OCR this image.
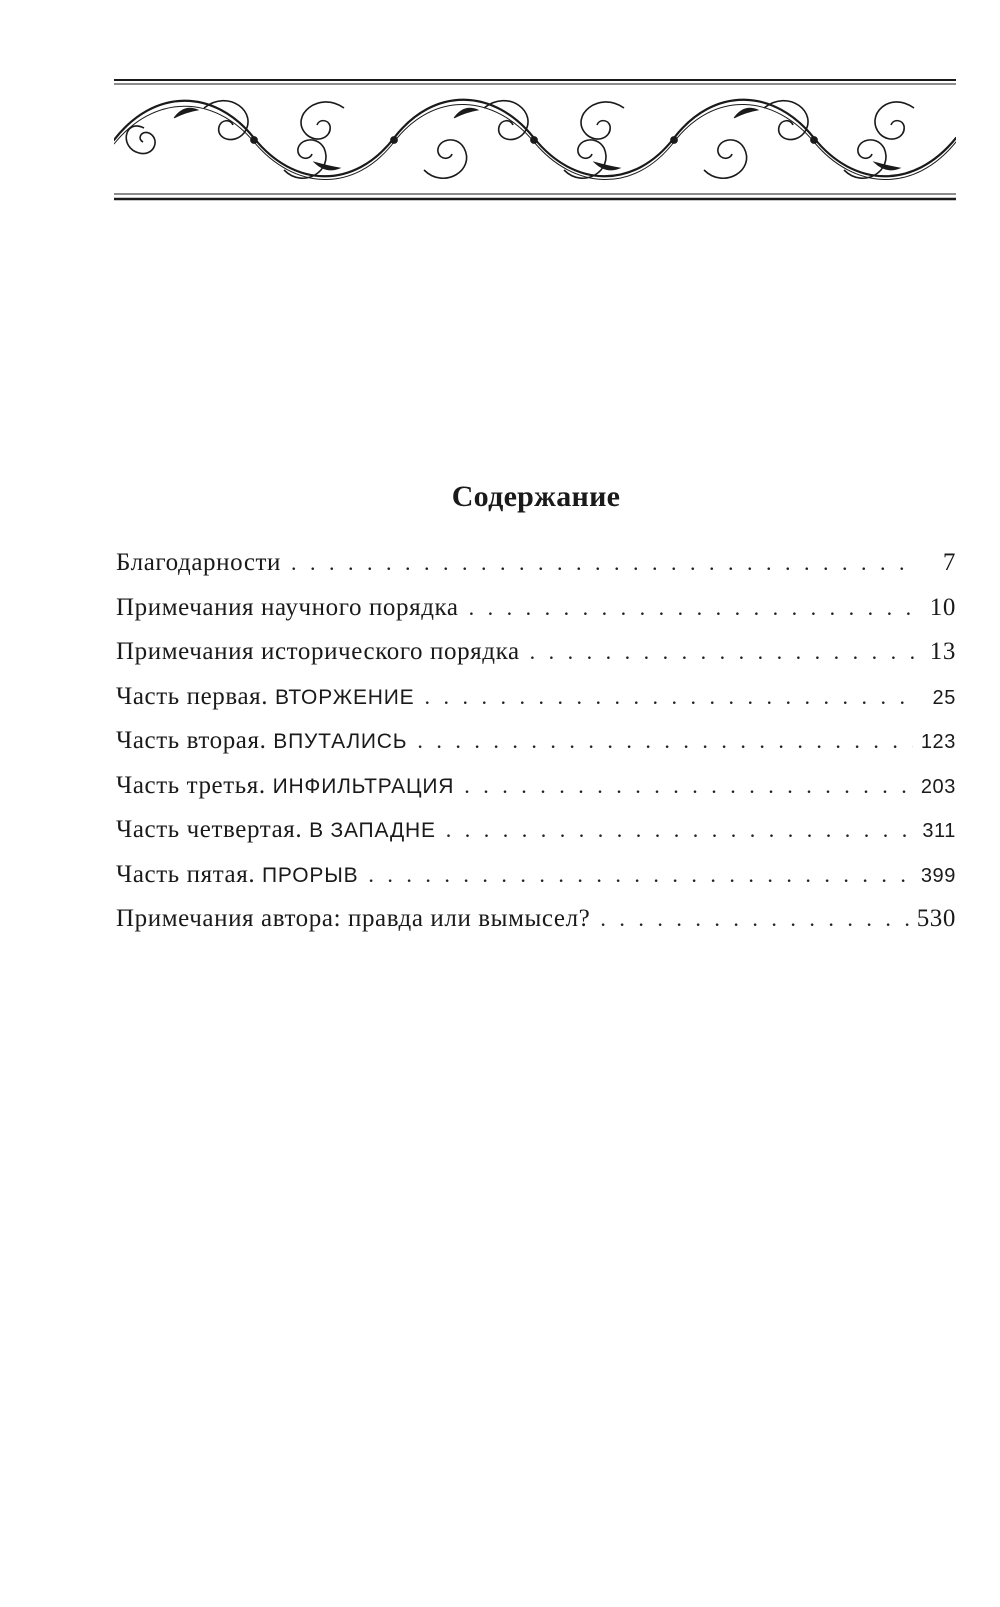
Содержание
Благодарности . . .	7
Примечания научного порядка . . .	10
Примечания исторического порядка . . .	13
Часть первая. ВТОРЖЕНИЕ . . .	25
Часть вторая. ВПУТАЛИСЬ . . .	123
Часть третья. ИНФИЛЬТРАЦИЯ . . .	203
Часть четвертая. В ЗАПАДНЕ . . .	311
Часть пятая. ПРОРЫВ . . .	399
Примечания автора: правда или вымысел? . . .	530
